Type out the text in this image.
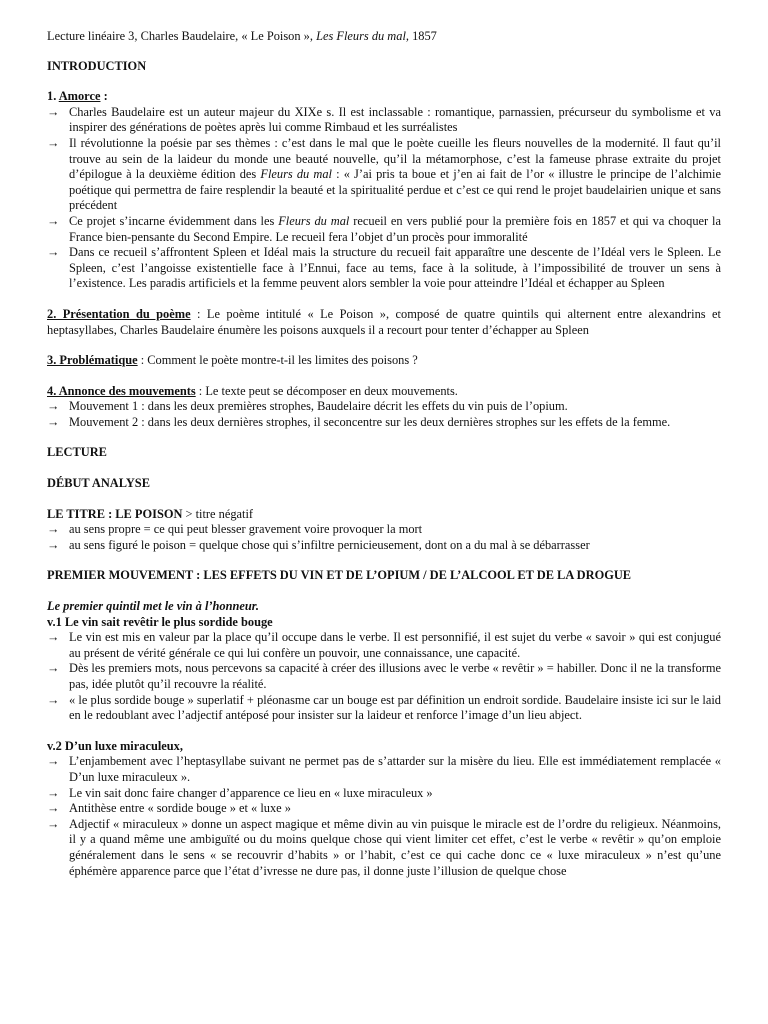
Lecture linéaire 3, Charles Baudelaire, « Le Poison », Les Fleurs du mal, 1857

INTRODUCTION

1. Amorce :

→ Charles Baudelaire est un auteur majeur du XIXe s. Il est inclassable : romantique, parnassien, précurseur du symbolisme et va inspirer des générations de poètes après lui comme Rimbaud et les surréalistes
→ Il révolutionne la poésie par ses thèmes : c’est dans le mal que le poète cueille les fleurs nouvelles de la modernité. Il faut qu’il trouve au sein de la laideur du monde une beauté nouvelle, qu’il la métamorphose, c’est la fameuse phrase extraite du projet d’épilogue à la deuxième édition des Fleurs du mal : « J’ai pris ta boue et j’en ai fait de l’or « illustre le principe de l’alchimie poétique qui permettra de faire resplendir la beauté et la spiritualité perdue et c’est ce qui rend le projet baudelairien unique et sans précédent
→ Ce projet s’incarne évidemment dans les Fleurs du mal recueil en vers publié pour la première fois en 1857 et qui va choquer la France bien-pensante du Second Empire. Le recueil fera l’objet d’un procès pour immoralité
→ Dans ce recueil s’affrontent Spleen et Idéal mais la structure du recueil fait apparaître une descente de l’Idéal vers le Spleen. Le Spleen, c’est l’angoisse existentielle face à l’Ennui, face au tems, face à la solitude, à l’impossibilité de trouver un sens à l’existence. Les paradis artificiels et la femme peuvent alors sembler la voie pour atteindre l’Idéal et échapper au Spleen

2. Présentation du poème : Le poème intitulé « Le Poison », composé de quatre quintils qui alternent entre alexandrins et heptasyllabes, Charles Baudelaire énumère les poisons auxquels il a recourt pour tenter d’échapper au Spleen

3. Problématique : Comment le poète montre-t-il les limites des poisons ?

4. Annonce des mouvements : Le texte peut se décomposer en deux mouvements.

→ Mouvement 1 : dans les deux premières strophes, Baudelaire décrit les effets du vin puis de l’opium.
→ Mouvement 2 : dans les deux dernières strophes, il seconcentre sur les deux dernières strophes sur les effets de la femme.

LECTURE

DÉBUT ANALYSE

LE TITRE : LE POISON > titre négatif

→ au sens propre = ce qui peut blesser gravement voire provoquer la mort
→ au sens figuré le poison = quelque chose qui s’infiltre pernicieusement, dont on a du mal à se débarrasser

PREMIER MOUVEMENT : LES EFFETS DU VIN ET DE L’OPIUM / DE L’ALCOOL ET DE LA DROGUE

Le premier quintil met le vin à l’honneur.

v.1 Le vin sait revêtir le plus sordide bouge

→ Le vin est mis en valeur par la place qu’il occupe dans le verbe. Il est personnifié, il est sujet du verbe « savoir » qui est conjugué au présent de vérité générale ce qui lui confère un pouvoir, une connaissance, une capacité.
→ Dès les premiers mots, nous percevons sa capacité à créer des illusions avec le verbe « revêtir » = habiller. Donc il ne la transforme pas, idée plutôt qu’il recouvre la réalité.
→ « le plus sordide bouge » superlatif + pléonasme car un bouge est par définition un endroit sordide. Baudelaire insiste ici sur le laid en le redoublant avec l’adjectif antéposé pour insister sur la laideur et renforce l’image d’un lieu abject.

v.2 D’un luxe miraculeux,

→ L’enjambement avec l’heptasyllabe suivant ne permet pas de s’attarder sur la misère du lieu. Elle est immédiatement remplacée « D’un luxe miraculeux ».
→ Le vin sait donc faire changer d’apparence ce lieu en « luxe miraculeux »
→ Antithèse entre « sordide bouge » et « luxe »
→ Adjectif « miraculeux » donne un aspect magique et même divin au vin puisque le miracle est de l’ordre du religieux. Néanmoins, il y a quand même une ambiguïté ou du moins quelque chose qui vient limiter cet effet, c’est le verbe « revêtir » qu’on emploie généralement dans le sens « se recouvrir d’habits » or l’habit, c’est ce qui cache donc ce « luxe miraculeux » n’est qu’une éphémère apparence parce que l’état d’ivresse ne dure pas, il donne juste l’illusion de quelque chose
